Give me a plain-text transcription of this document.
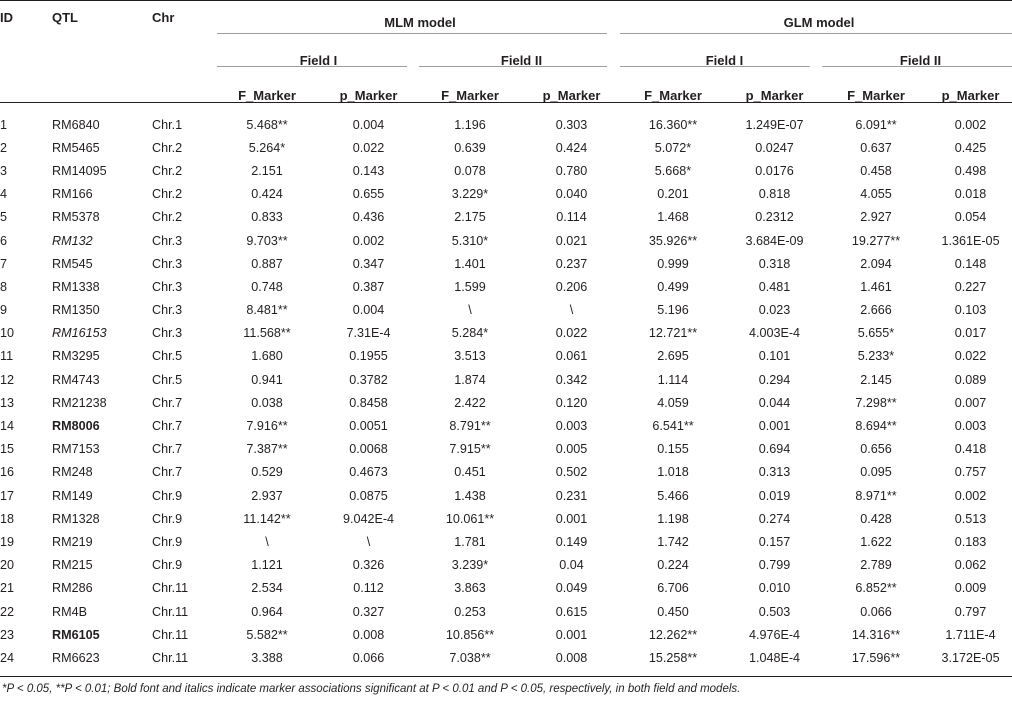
ID	QTL	Chr	MLM model				GLM model			
			Field I		Field II		Field I		Field II	
			F_Marker	p_Marker	F_Marker	p_Marker	F_Marker	p_Marker	F_Marker	p_Marker
1	RM6840	Chr.1	5.468**	0.004	1.196	0.303	16.360**	1.249E-07	6.091**	0.002
2	RM5465	Chr.2	5.264*	0.022	0.639	0.424	5.072*	0.0247	0.637	0.425
3	RM14095	Chr.2	2.151	0.143	0.078	0.780	5.668*	0.0176	0.458	0.498
4	RM166	Chr.2	0.424	0.655	3.229*	0.040	0.201	0.818	4.055	0.018
5	RM5378	Chr.2	0.833	0.436	2.175	0.114	1.468	0.2312	2.927	0.054
6	RM132	Chr.3	9.703**	0.002	5.310*	0.021	35.926**	3.684E-09	19.277**	1.361E-05
7	RM545	Chr.3	0.887	0.347	1.401	0.237	0.999	0.318	2.094	0.148
8	RM1338	Chr.3	0.748	0.387	1.599	0.206	0.499	0.481	1.461	0.227
9	RM1350	Chr.3	8.481**	0.004	\	\	5.196	0.023	2.666	0.103
10	RM16153	Chr.3	11.568**	7.31E-4	5.284*	0.022	12.721**	4.003E-4	5.655*	0.017
11	RM3295	Chr.5	1.680	0.1955	3.513	0.061	2.695	0.101	5.233*	0.022
12	RM4743	Chr.5	0.941	0.3782	1.874	0.342	1.114	0.294	2.145	0.089
13	RM21238	Chr.7	0.038	0.8458	2.422	0.120	4.059	0.044	7.298**	0.007
14	RM8006	Chr.7	7.916**	0.0051	8.791**	0.003	6.541**	0.001	8.694**	0.003
15	RM7153	Chr.7	7.387**	0.0068	7.915**	0.005	0.155	0.694	0.656	0.418
16	RM248	Chr.7	0.529	0.4673	0.451	0.502	1.018	0.313	0.095	0.757
17	RM149	Chr.9	2.937	0.0875	1.438	0.231	5.466	0.019	8.971**	0.002
18	RM1328	Chr.9	11.142**	9.042E-4	10.061**	0.001	1.198	0.274	0.428	0.513
19	RM219	Chr.9	\	\	1.781	0.149	1.742	0.157	1.622	0.183
20	RM215	Chr.9	1.121	0.326	3.239*	0.04	0.224	0.799	2.789	0.062
21	RM286	Chr.11	2.534	0.112	3.863	0.049	6.706	0.010	6.852**	0.009
22	RM4B	Chr.11	0.964	0.327	0.253	0.615	0.450	0.503	0.066	0.797
23	RM6105	Chr.11	5.582**	0.008	10.856**	0.001	12.262**	4.976E-4	14.316**	1.711E-4
24	RM6623	Chr.11	3.388	0.066	7.038**	0.008	15.258**	1.048E-4	17.596**	3.172E-05
*P < 0.05, **P < 0.01; Bold font and italics indicate marker associations significant at P < 0.01 and P < 0.05, respectively, in both field and models.
